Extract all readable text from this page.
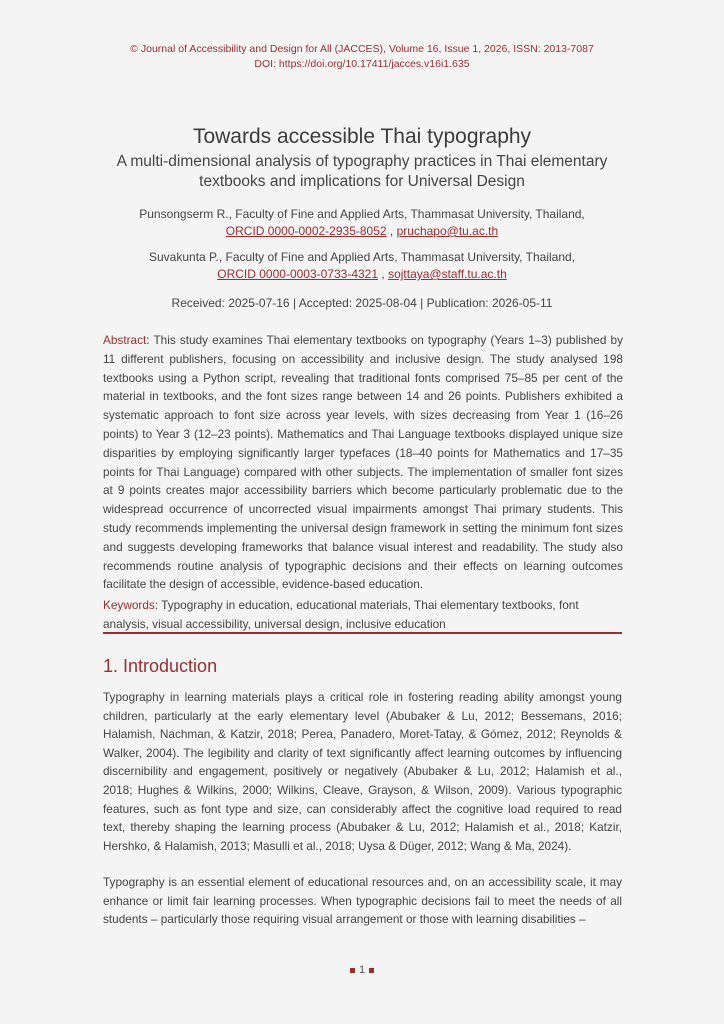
© Journal of Accessibility and Design for All (JACCES), Volume 16, Issue 1, 2026, ISSN: 2013-7087
DOI: https://doi.org/10.17411/jacces.v16i1.635
Towards accessible Thai typography
A multi-dimensional analysis of typography practices in Thai elementary textbooks and implications for Universal Design
Punsongserm R., Faculty of Fine and Applied Arts, Thammasat University, Thailand,
ORCID 0000-0002-2935-8052 , pruchapo@tu.ac.th
Suvakunta P., Faculty of Fine and Applied Arts, Thammasat University, Thailand,
ORCID 0000-0003-0733-4321 , sojttaya@staff.tu.ac.th
Received: 2025-07-16 | Accepted: 2025-08-04 | Publication: 2026-05-11
Abstract: This study examines Thai elementary textbooks on typography (Years 1–3) published by 11 different publishers, focusing on accessibility and inclusive design. The study analysed 198 textbooks using a Python script, revealing that traditional fonts comprised 75–85 per cent of the material in textbooks, and the font sizes range between 14 and 26 points. Publishers exhibited a systematic approach to font size across year levels, with sizes decreasing from Year 1 (16–26 points) to Year 3 (12–23 points). Mathematics and Thai Language textbooks displayed unique size disparities by employing significantly larger typefaces (18–40 points for Mathematics and 17–35 points for Thai Language) compared with other subjects. The implementation of smaller font sizes at 9 points creates major accessibility barriers which become particularly problematic due to the widespread occurrence of uncorrected visual impairments amongst Thai primary students. This study recommends implementing the universal design framework in setting the minimum font sizes and suggests developing frameworks that balance visual interest and readability. The study also recommends routine analysis of typographic decisions and their effects on learning outcomes facilitate the design of accessible, evidence-based education.
Keywords: Typography in education, educational materials, Thai elementary textbooks, font analysis, visual accessibility, universal design, inclusive education
1. Introduction

Typography in learning materials plays a critical role in fostering reading ability amongst young children, particularly at the early elementary level (Abubaker & Lu, 2012; Bessemans, 2016; Halamish, Nachman, & Katzir, 2018; Perea, Panadero, Moret-Tatay, & Gómez, 2012; Reynolds & Walker, 2004). The legibility and clarity of text significantly affect learning outcomes by influencing discernibility and engagement, positively or negatively (Abubaker & Lu, 2012; Halamish et al., 2018; Hughes & Wilkins, 2000; Wilkins, Cleave, Grayson, & Wilson, 2009). Various typographic features, such as font type and size, can considerably affect the cognitive load required to read text, thereby shaping the learning process (Abubaker & Lu, 2012; Halamish et al., 2018; Katzir, Hershko, & Halamish, 2013; Masulli et al., 2018; Uysa & Düger, 2012; Wang & Ma, 2024).

Typography is an essential element of educational resources and, on an accessibility scale, it may enhance or limit fair learning processes. When typographic decisions fail to meet the needs of all students – particularly those requiring visual arrangement or those with learning disabilities –

1
